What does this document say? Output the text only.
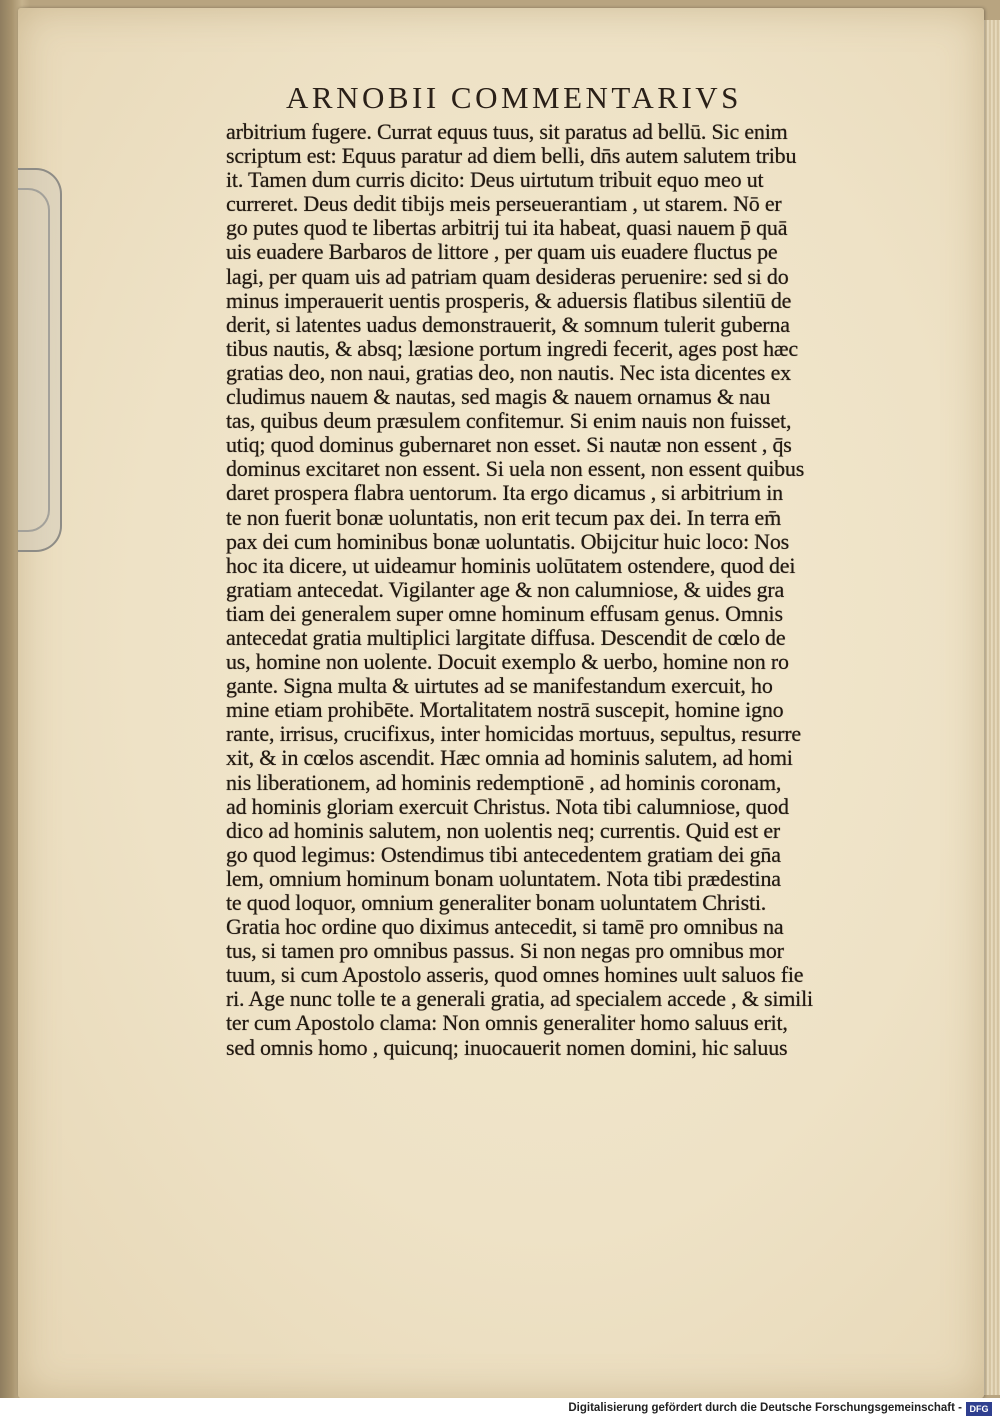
ARNOBII COMMENTARIVS
arbitrium fugere. Currat equus tuus, sit paratus ad bellū. Sic enim
scriptum est: Equus paratur ad diem belli, dn̄s autem salutem tribu
it. Tamen dum curris dicito: Deus uirtutum tribuit equo meo ut
curreret. Deus dedit tibijs meis perseuerantiam , ut starem. Nō er
go putes quod te libertas arbitrij tui ita habeat, quasi nauem p̄ quā
uis euadere Barbaros de littore , per quam uis euadere fluctus pe
lagi, per quam uis ad patriam quam desideras peruenire: sed si do
minus imperauerit uentis prosperis, & aduersis flatibus silentiū de
derit, si latentes uadus demonstrauerit, & somnum tulerit guberna
tibus nautis, & absq; læsione portum ingredi fecerit, ages post hæc
gratias deo, non naui, gratias deo, non nautis. Nec ista dicentes ex
cludimus nauem & nautas, sed magis & nauem ornamus & nau
tas, quibus deum præsulem confitemur. Si enim nauis non fuisset,
utiq; quod dominus gubernaret non esset. Si nautæ non essent , q̄s
dominus excitaret non essent. Si uela non essent, non essent quibus
daret prospera flabra uentorum. Ita ergo dicamus , si arbitrium in
te non fuerit bonæ uoluntatis, non erit tecum pax dei. In terra em̄
pax dei cum hominibus bonæ uoluntatis. Obijcitur huic loco: Nos
hoc ita dicere, ut uideamur hominis uolūtatem ostendere, quod dei
gratiam antecedat. Vigilanter age & non calumniose, & uides gra
tiam dei generalem super omne hominum effusam genus. Omnis
antecedat gratia multiplici largitate diffusa. Descendit de cœlo de
us, homine non uolente. Docuit exemplo & uerbo, homine non ro
gante. Signa multa & uirtutes ad se manifestandum exercuit, ho
mine etiam prohibēte. Mortalitatem nostrā suscepit, homine igno
rante, irrisus, crucifixus, inter homicidas mortuus, sepultus, resurre
xit, & in cœlos ascendit. Hæc omnia ad hominis salutem, ad homi
nis liberationem, ad hominis redemptionē , ad hominis coronam,
ad hominis gloriam exercuit Christus. Nota tibi calumniose, quod
dico ad hominis salutem, non uolentis neq; currentis. Quid est er
go quod legimus: Ostendimus tibi antecedentem gratiam dei gn̄a
lem, omnium hominum bonam uoluntatem. Nota tibi prædestina
te quod loquor, omnium generaliter bonam uoluntatem Christi.
Gratia hoc ordine quo diximus antecedit, si tamē pro omnibus na
tus, si tamen pro omnibus passus. Si non negas pro omnibus mor
tuum, si cum Apostolo asseris, quod omnes homines uult saluos fie
ri. Age nunc tolle te a generali gratia, ad specialem accede , & simili
ter cum Apostolo clama: Non omnis generaliter homo saluus erit,
sed omnis homo , quicunq; inuocauerit nomen domini, hic saluus
Digitalisierung gefördert durch die Deutsche Forschungsgemeinschaft - DFG
